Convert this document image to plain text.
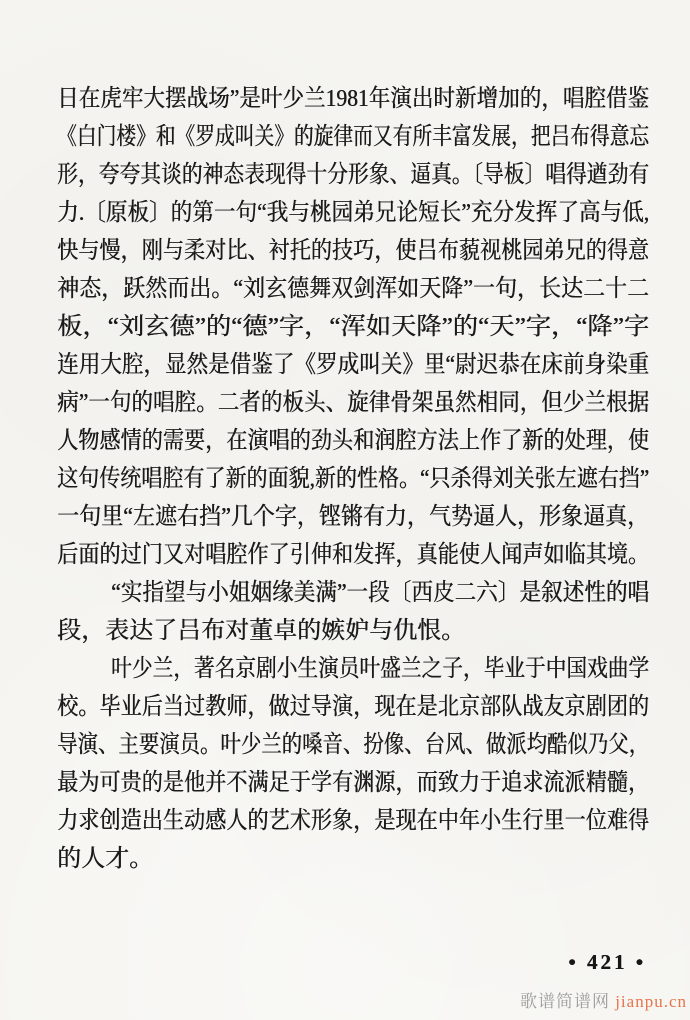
日在虎牢大摆战场”是叶少兰1981年演出时新增加的，唱腔借鉴
《白门楼》和《罗成叫关》的旋律而又有所丰富发展，把吕布得意忘
形，夸夸其谈的神态表现得十分形象、逼真。〔导板〕唱得遒劲有
力.〔原板〕的第一句“我与桃园弟兄论短长”充分发挥了高与低,
快与慢，刚与柔对比、衬托的技巧，使吕布藐视桃园弟兄的得意
神态，跃然而出。“刘玄德舞双剑浑如天降”一句，长达二十二
板，“刘玄德”的“德”字，“浑如天降”的“天”字，“降”字
连用大腔，显然是借鉴了《罗成叫关》里“尉迟恭在床前身染重
病”一句的唱腔。二者的板头、旋律骨架虽然相同，但少兰根据
人物感情的需要，在演唱的劲头和润腔方法上作了新的处理，使
这句传统唱腔有了新的面貌,新的性格。“只杀得刘关张左遮右挡”
一句里“左遮右挡”几个字，铿锵有力，气势逼人，形象逼真，
后面的过门又对唱腔作了引伸和发挥，真能使人闻声如临其境。
“实指望与小姐姻缘美满”一段〔西皮二六〕是叙述性的唱
段，表达了吕布对董卓的嫉妒与仇恨。
叶少兰，著名京剧小生演员叶盛兰之子，毕业于中国戏曲学
校。毕业后当过教师，做过导演，现在是北京部队战友京剧团的
导演、主要演员。叶少兰的嗓音、扮像、台风、做派均酷似乃父，
最为可贵的是他并不满足于学有渊源，而致力于追求流派精髓，
力求创造出生动感人的艺术形象，是现在中年小生行里一位难得
的人才。
• 421 •
歌谱简谱网 jianpu.cn
